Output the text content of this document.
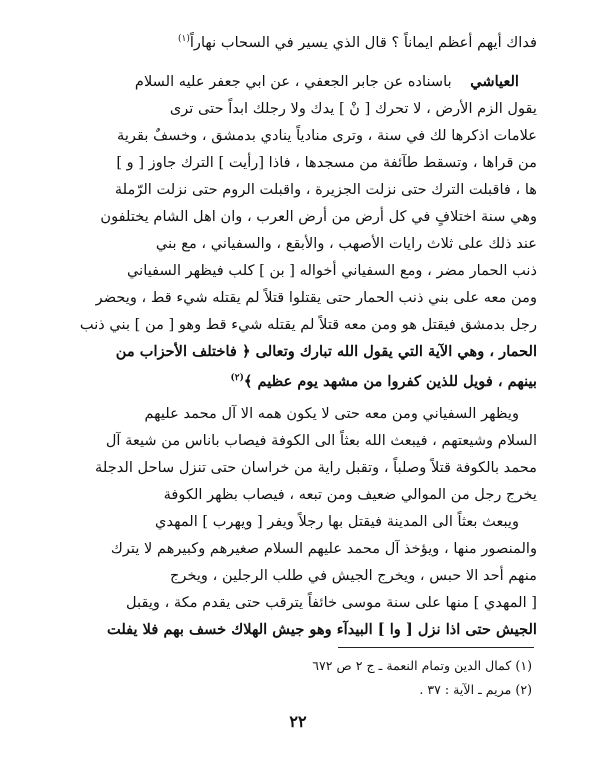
فداك أيهم أعظم ايماناً ؟ قال الذي يسير في السحاب نهاراً$^{(١)}$
العياشي    باسناده عن جابر الجعفي ، عن ابي جعفر عليه السلام
يقول الزم الأرض ، لا تحرك [ نْ ] يدك ولا رجلك ابداً حتى ترى
علامات اذكرها لك في سنة ، وترى منادياً ينادي بدمشق ، وخسفٌ بقرية
من قراها ، وتسقط طآئفة من مسجدها ، فاذا [رأيت ] الترك جاوز [ و ]
ها ، فاقبلت الترك حتى نزلت الجزيرة ، واقبلت الروم حتى نزلت الرّملة
وهي سنة اختلافٍ في كل أرض من أرض العرب ، وان اهل الشام يختلفون
عند ذلك على ثلاث رايات الأصهب ، والأبقع ، والسفياني ، مع بني
ذنب الحمار مضر ، ومع السفياني أخواله [ بن ] كلب فيظهر السفياني
ومن معه على بني ذنب الحمار حتى يقتلوا قتلاً لم يقتله شيء قط ، ويحضر
رجل بدمشق فيقتل هو ومن معه قتلاً لم يقتله شيء قط وهو [ من ] بني ذنب
الحمار ، وهي الآية التي يقول الله تبارك وتعالى ﴿ فاختلف الأحزاب من
بينهم ، فويل للذين كفروا من مشهد يوم عظيم ﴾$^{(٢)}$
ويظهر السفياني ومن معه حتى لا يكون همه الا آل محمد عليهم
السلام وشيعتهم ، فيبعث الله بعثاً الى الكوفة فيصاب باناس من شيعة آل
محمد بالكوفة قتلاً وصلباً ، وتقبل راية من خراسان حتى تنزل ساحل الدجلة
يخرج رجل من الموالي ضعيف ومن تبعه ، فيصاب بظهر الكوفة
ويبعث بعثاً الى المدينة فيقتل بها رجلاً ويفر [ ويهرب ] المهدي
والمنصور منها ، ويؤخذ آل محمد عليهم السلام صغيرهم وكبيرهم لا يترك
منهم أحد الا حبس ، ويخرج الجيش في طلب الرجلين ، ويخرج
[ المهدي ] منها على سنة موسى خائفاً يترقب حتى يقدم مكة ، ويقبل
الجيش حتى اذا نزل [ وا ] البيدآء وهو جيش الهلاك خسف بهم فلا يفلت
(١) كمال الدين وتمام النعمة ـ ج ٢ ص ٦٧٢
(٢) مريم ـ الآية : ٣٧ .
٢٢
